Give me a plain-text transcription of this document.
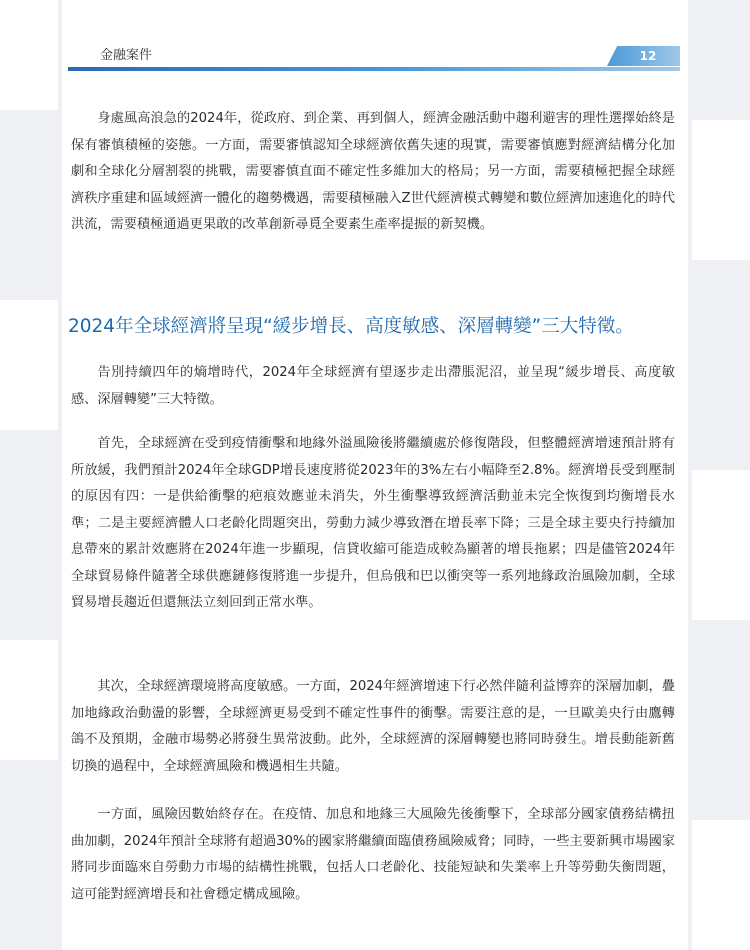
金融案件	12

身處風高浪急的2024年，從政府、到企業、再到個人，經濟金融活動中趨利避害的理性選擇始終是保有審慎積極的姿態。一方面，需要審慎認知全球經濟依舊失速的現實，需要審慎應對經濟結構分化加劇和全球化分層割裂的挑戰，需要審慎直面不確定性多維加大的格局；另一方面，需要積極把握全球經濟秩序重建和區域經濟一體化的趨勢機遇，需要積極融入Z世代經濟模式轉變和數位經濟加速進化的時代洪流，需要積極通過更果敢的改革創新尋覓全要素生產率提振的新契機。

2024年全球經濟將呈現“緩步增長、高度敏感、深層轉變”三大特徵。

告別持續四年的熵增時代，2024年全球經濟有望逐步走出滯脹泥沼，並呈現“緩步增長、高度敏感、深層轉變”三大特徵。

首先，全球經濟在受到疫情衝擊和地緣外溢風險後將繼續處於修復階段，但整體經濟增速預計將有所放緩，我們預計2024年全球GDP增長速度將從2023年的3%左右小幅降至2.8%。經濟增長受到壓制的原因有四：一是供給衝擊的疤痕效應並未消失，外生衝擊導致經濟活動並未完全恢復到均衡增長水準；二是主要經濟體人口老齡化問題突出，勞動力減少導致潛在增長率下降；三是全球主要央行持續加息帶來的累計效應將在2024年進一步顯現，信貸收縮可能造成較為顯著的增長拖累；四是儘管2024年全球貿易條件隨著全球供應鏈修復將進一步提升，但烏俄和巴以衝突等一系列地緣政治風險加劇，全球貿易增長趨近但還無法立刻回到正常水準。

其次，全球經濟環境將高度敏感。一方面，2024年經濟增速下行必然伴隨利益博弈的深層加劇，疊加地緣政治動盪的影響，全球經濟更易受到不確定性事件的衝擊。需要注意的是，一旦歐美央行由鷹轉鴿不及預期，金融市場勢必將發生異常波動。此外，全球經濟的深層轉變也將同時發生。增長動能新舊切換的過程中，全球經濟風險和機遇相生共隨。

一方面，風險因數始終存在。在疫情、加息和地緣三大風險先後衝擊下，全球部分國家債務結構扭曲加劇，2024年預計全球將有超過30%的國家將繼續面臨債務風險威脅；同時，一些主要新興市場國家將同步面臨來自勞動力市場的結構性挑戰，包括人口老齡化、技能短缺和失業率上升等勞動失衡問題，這可能對經濟增長和社會穩定構成風險。
